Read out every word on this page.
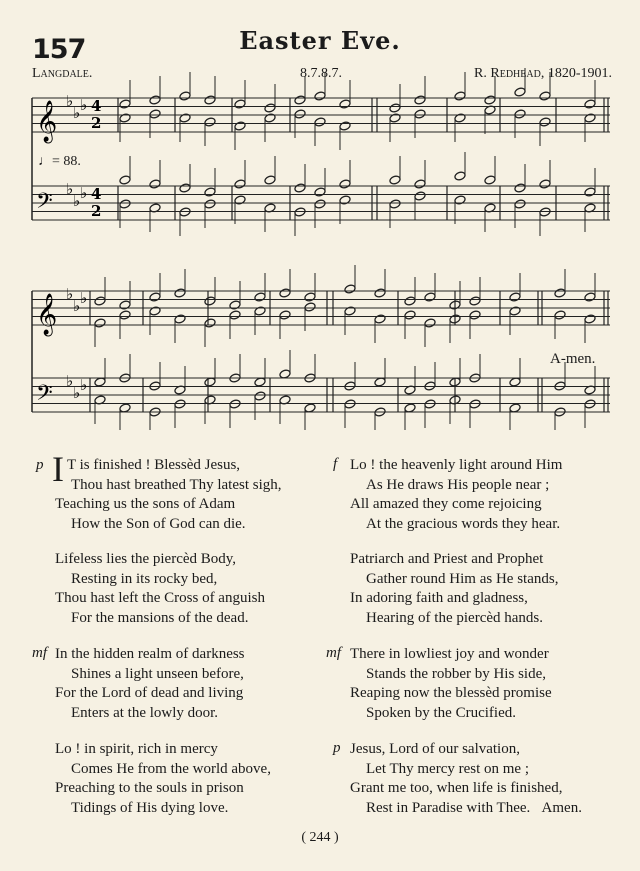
157	Easter Eve.
Langdale.	8.7.8.7.	R. Redhead, 1820-1901.
𝄞
𝄢
𝄞
𝄢
♭
♭ ♭
♭
♭ ♭
♭
♭ ♭
♭
♭ ♭
4
2
4
2
♩= 88.
A-men.
p I T is finished ! Blessèd Jesus,
Thou hast breathed Thy latest sigh,
Teaching us the sons of Adam
How the Son of God can die.
Lifeless lies the piercèd Body,
Resting in its rocky bed,
Thou hast left the Cross of anguish
For the mansions of the dead.
mf In the hidden realm of darkness
Shines a light unseen before,
For the Lord of dead and living
Enters at the lowly door.
Lo ! in spirit, rich in mercy
Comes He from the world above,
Preaching to the souls in prison
Tidings of His dying love.
f Lo ! the heavenly light around Him
As He draws His people near ;
All amazed they come rejoicing
At the gracious words they hear.
Patriarch and Priest and Prophet
Gather round Him as He stands,
In adoring faith and gladness,
Hearing of the piercèd hands.
mf There in lowliest joy and wonder
Stands the robber by His side,
Reaping now the blessèd promise
Spoken by the Crucified.
p Jesus, Lord of our salvation,
Let Thy mercy rest on me ;
Grant me too, when life is finished,
Rest in Paradise with Thee. Amen.
( 244 )
